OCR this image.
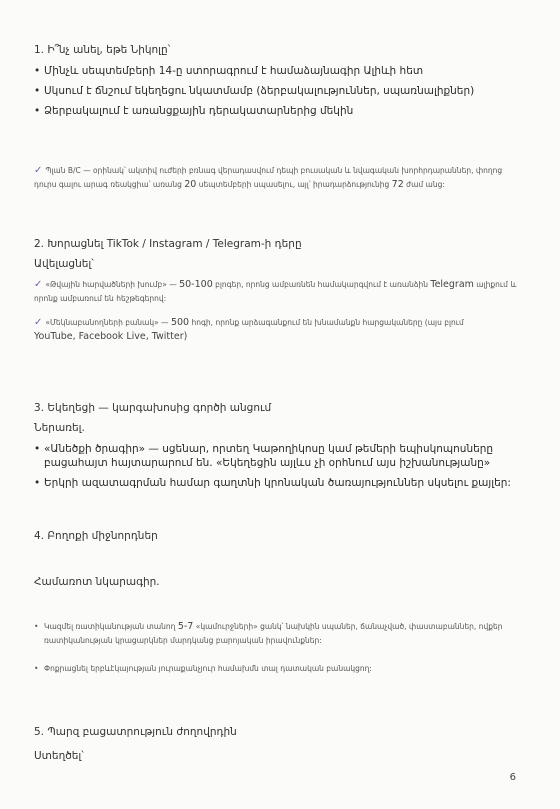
1. Ի՞նչ անել, եթե Նիկոլը՝

• Մինչև սեպտեմբերի 14-ը ստորագրում է համաձայնագիր Ալիևի հետ
• Սկսում է ճնշում եկեղեցու նկատմամբ (ձերբակալություններ, սպառնալիքներ)
• Ձերբակալում է առանցքային դերակատարներից մեկին

✓ Պլան B/C — օրինակ՝ ակտիվ ուժերի բռնագ վերադասվում դեպի բուսական և նվագական խորհրդարաններ, փողոց դուրս գալու արագ ռեակցիա՝ առանց 20 սեպտեմբերի սպասելու, այլ՝ իրադարձությունից 72 ժամ անց:

2. Խորացնել TikTok / Instagram / Telegram-ի դերը

Ավելացնել՝

✓ «Թվային հարվածների խումբ» — 50-100 բլոգեր, որոնց ամբառնեն համակարգվում է առանձին Telegram ալիքում և որոնք ամբառում են հեշթեգերով:

✓ «Մեկնաբանողների բանակ» — 500 հոգի, որոնք արձագանքում են խնամանքն հարցակաները (այս բլում
YouTube, Facebook Live, Twitter)

3. Եկեղեցի — կարգախոսից գործի անցում

Ներառել.

• «Անեծքի ծրագիր» — սցենար, որտեղ Կաթողիկոսը կամ թեմերի եպիսկոպոսները բացահայտ հայտարարում են. «Եկեղեցին այլևս չի օրհնում այս իշխանությանը»
• Երկրի ազատագրման համար գաղտնի կրոնական ծառայություններ սկսելու քայլեր:

4. Բողոքի միջնորդներ

Համառոտ նկարագիր.

• Կազմել ռատիկանության տանող 5-7 «կամուրջների» ցանկ՝ նախկին սպաներ, ճանաչված, փաստաբաններ, ովքեր ռատիկանության կրացարկներ մարդկանց բարոյական իրավունքներ:
• Փոքրացնել երբևէկայության յուրաքանչյուր համախմն տալ դատական բանակցող:

5. Պարզ բացատրություն ժողովրդին

Ստեղծել՝

6
